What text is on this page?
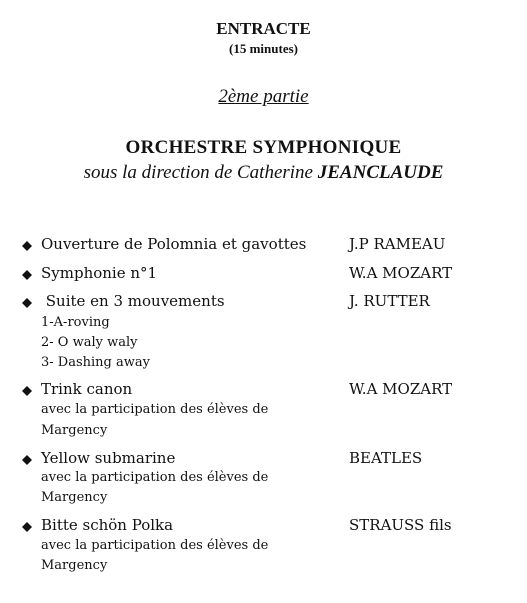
ENTRACTE
(15 minutes)
2ème partie
ORCHESTRE SYMPHONIQUE
sous la direction de Catherine JEANCLAUDE
Ouverture de Polomnia et gavottes	J.P RAMEAU
Symphonie n°1	W.A MOZART
Suite en 3 mouvements	J. RUTTER
1-A-roving
2- O waly waly
3- Dashing away
Trink canon	W.A MOZART
avec la participation des élèves de
Margency
Yellow submarine	BEATLES
avec la participation des élèves de
Margency
Bitte schön Polka	STRAUSS fils
avec la participation des élèves de
Margency
